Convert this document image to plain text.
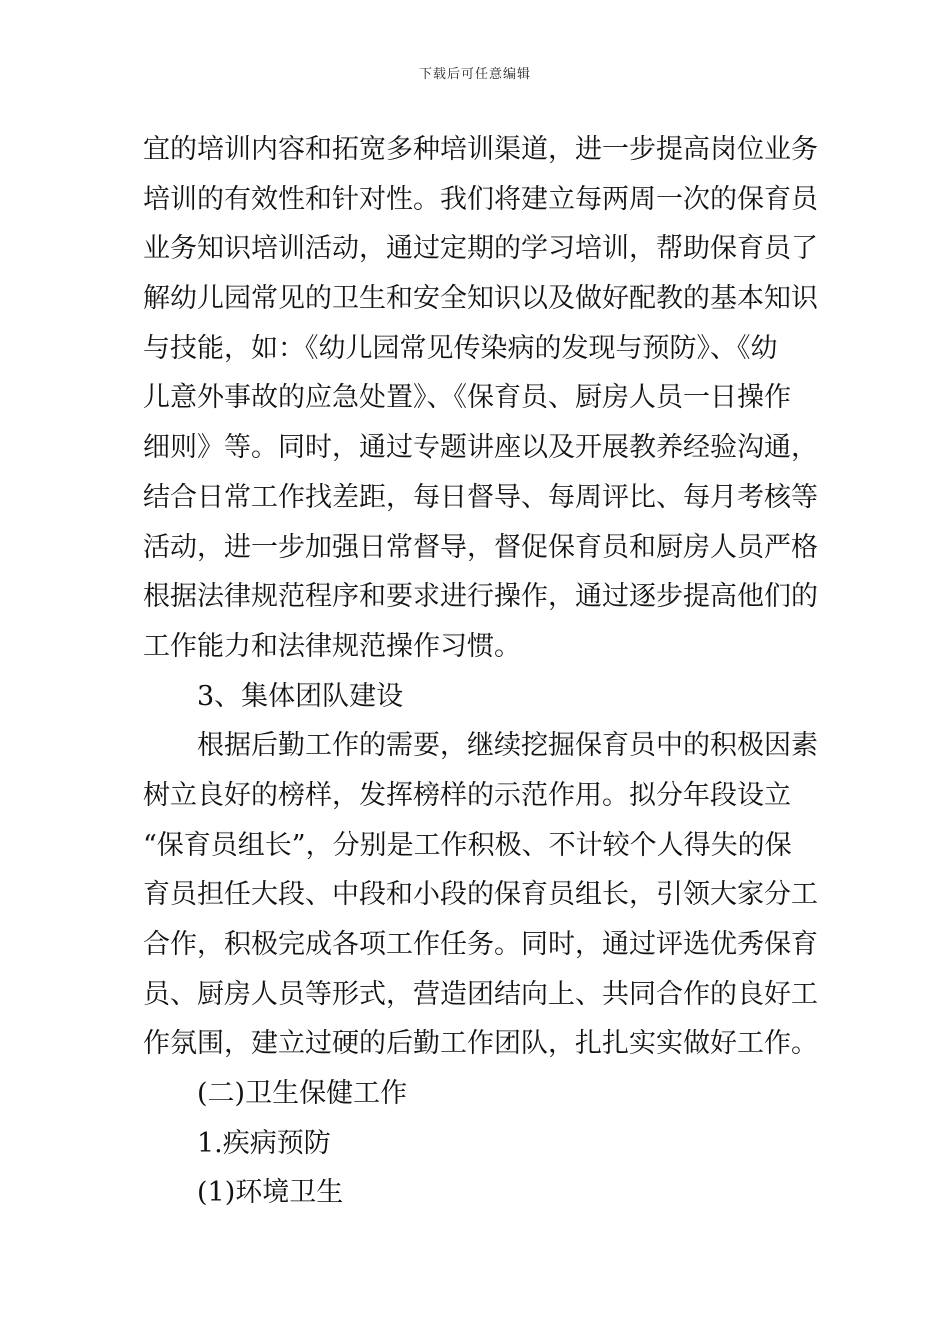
下载后可任意编辑
宜的培训内容和拓宽多种培训渠道，进一步提高岗位业务
培训的有效性和针对性。我们将建立每两周一次的保育员
业务知识培训活动，通过定期的学习培训，帮助保育员了
解幼儿园常见的卫生和安全知识以及做好配教的基本知识
与技能，如：《幼儿园常见传染病的发现与预防》、《幼
儿意外事故的应急处置》、《保育员、厨房人员一日操作
细则》等。同时，通过专题讲座以及开展教养经验沟通，
结合日常工作找差距，每日督导、每周评比、每月考核等
活动，进一步加强日常督导，督促保育员和厨房人员严格
根据法律规范程序和要求进行操作，通过逐步提高他们的
工作能力和法律规范操作习惯。
3、集体团队建设
根据后勤工作的需要，继续挖掘保育员中的积极因素
树立良好的榜样，发挥榜样的示范作用。拟分年段设立
“保育员组长”，分别是工作积极、不计较个人得失的保
育员担任大段、中段和小段的保育员组长，引领大家分工
合作，积极完成各项工作任务。同时，通过评选优秀保育
员、厨房人员等形式，营造团结向上、共同合作的良好工
作氛围，建立过硬的后勤工作团队，扎扎实实做好工作。
(二)卫生保健工作
1.疾病预防
(1)环境卫生
